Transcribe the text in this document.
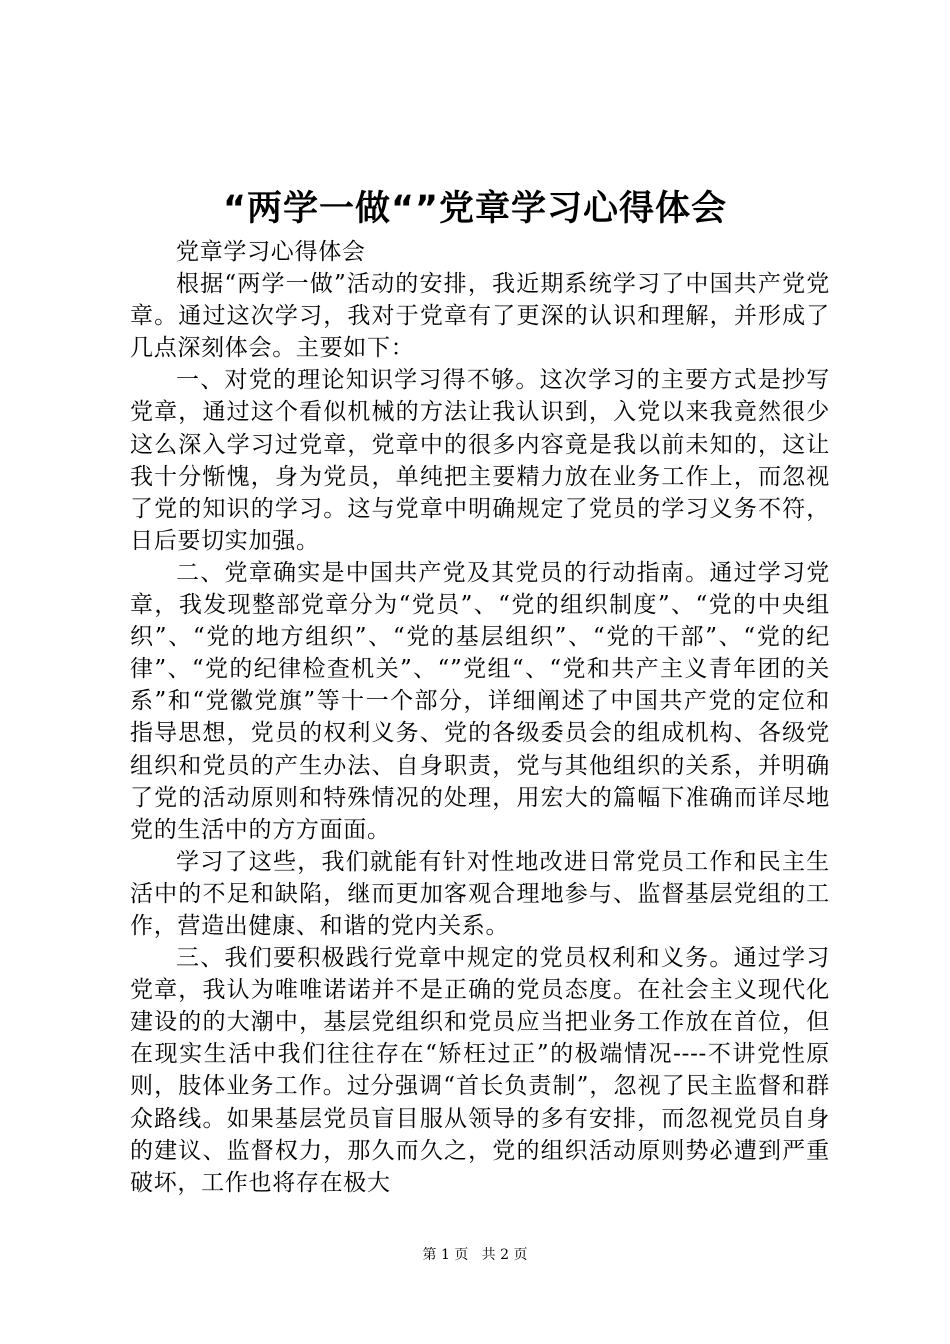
“两学一做“”党章学习心得体会

党章学习心得体会

根据“两学一做”活动的安排，我近期系统学习了中国共产党党章。通过这次学习，我对于党章有了更深的认识和理解，并形成了几点深刻体会。主要如下：

一、对党的理论知识学习得不够。这次学习的主要方式是抄写党章，通过这个看似机械的方法让我认识到，入党以来我竟然很少这么深入学习过党章，党章中的很多内容竟是我以前未知的，这让我十分惭愧，身为党员，单纯把主要精力放在业务工作上，而忽视了党的知识的学习。这与党章中明确规定了党员的学习义务不符，日后要切实加强。

二、党章确实是中国共产党及其党员的行动指南。通过学习党章，我发现整部党章分为“党员”、“党的组织制度”、“党的中央组织”、“党的地方组织”、“党的基层组织”、“党的干部”、“党的纪律”、“党的纪律检查机关”、“”党组“、“党和共产主义青年团的关系”和“党徽党旗”等十一个部分，详细阐述了中国共产党的定位和指导思想，党员的权利义务、党的各级委员会的组成机构、各级党组织和党员的产生办法、自身职责，党与其他组织的关系，并明确了党的活动原则和特殊情况的处理，用宏大的篇幅下准确而详尽地党的生活中的方方面面。

学习了这些，我们就能有针对性地改进日常党员工作和民主生活中的不足和缺陷，继而更加客观合理地参与、监督基层党组的工作，营造出健康、和谐的党内关系。

三、我们要积极践行党章中规定的党员权利和义务。通过学习党章，我认为唯唯诺诺并不是正确的党员态度。在社会主义现代化建设的的大潮中，基层党组织和党员应当把业务工作放在首位，但在现实生活中我们往往存在“矫枉过正”的极端情况----不讲党性原则，肢体业务工作。过分强调“首长负责制”，忽视了民主监督和群众路线。如果基层党员盲目服从领导的多有安排，而忽视党员自身的建议、监督权力，那久而久之，党的组织活动原则势必遭到严重破坏，工作也将存在极大

第 1 页   共 2 页
